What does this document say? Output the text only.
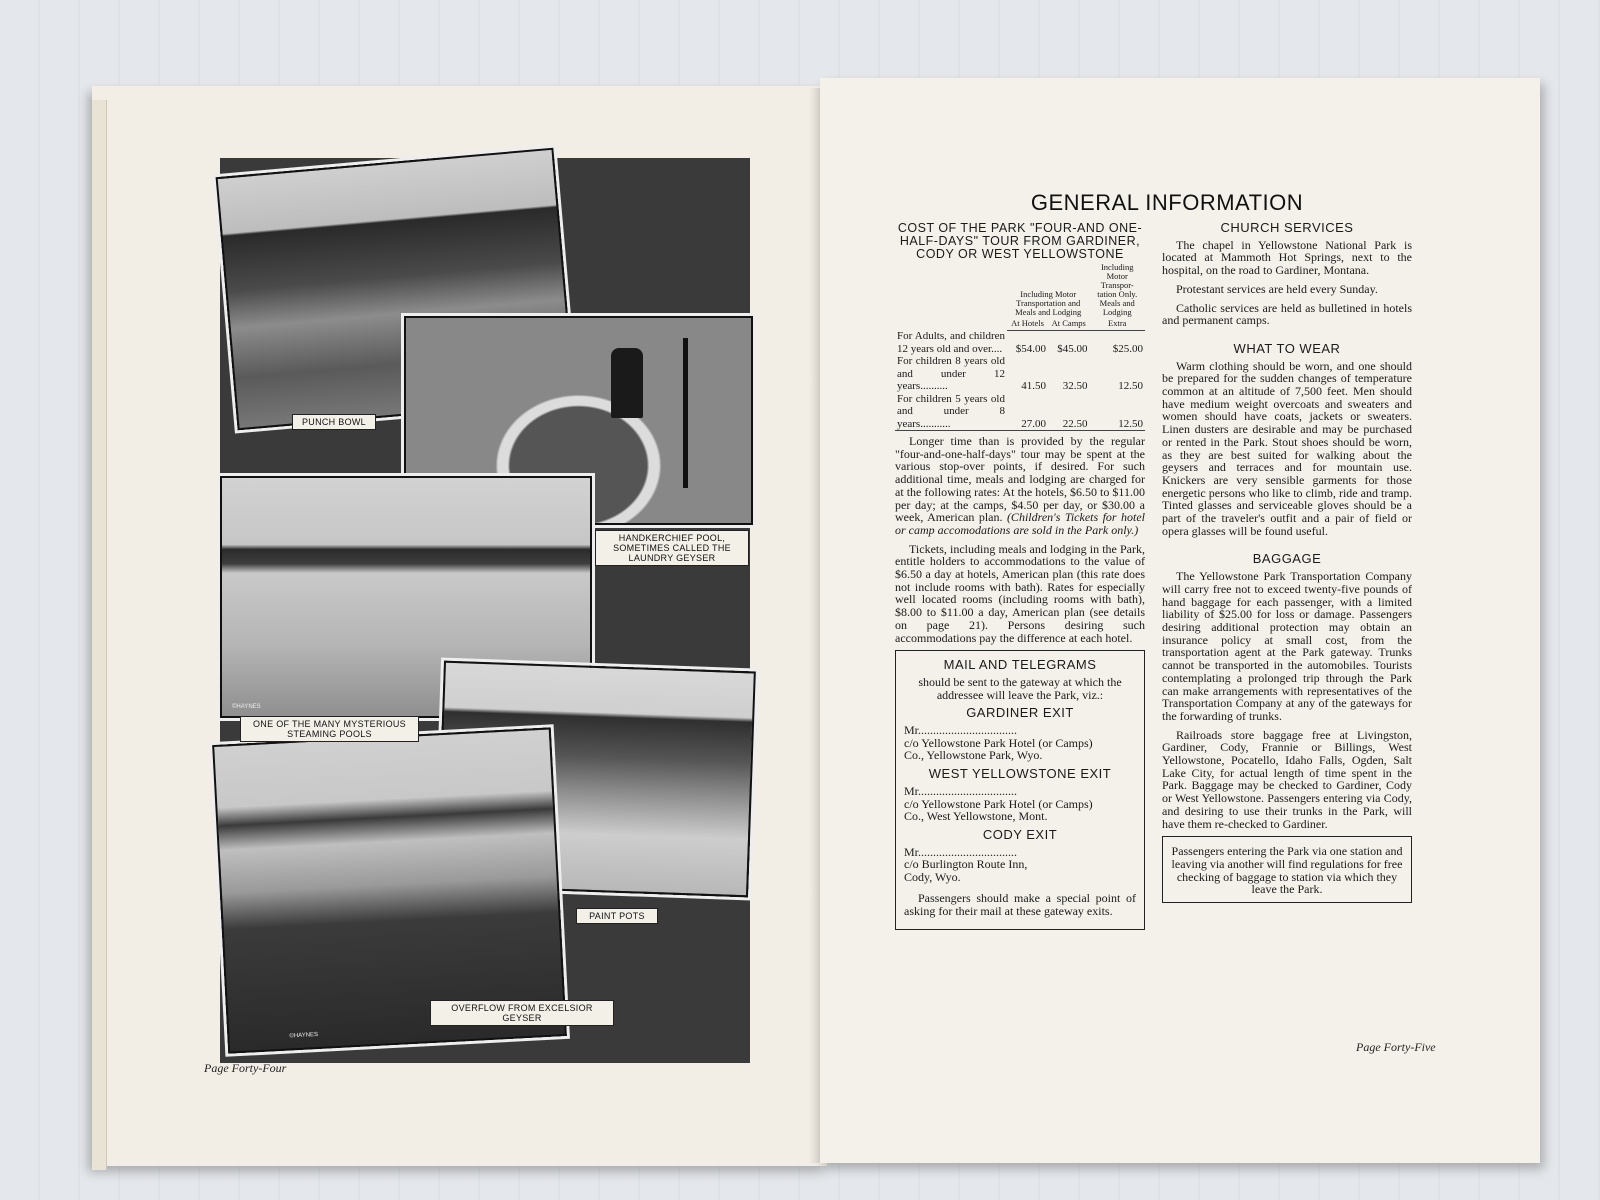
©HAYNES
©HAYNES
PUNCH BOWL
HANDKERCHIEF POOL, SOMETIMES CALLED THE LAUNDRY GEYSER
ONE OF THE MANY MYSTERIOUS STEAMING POOLS
PAINT POTS
OVERFLOW FROM EXCELSIOR GEYSER
Page Forty-Four
GENERAL INFORMATION
COST OF THE PARK "FOUR-AND ONE-HALF-DAYS" TOUR FROM GARDINER, CODY OR WEST YELLOWSTONE
	Including Motor Transportation and Meals and Lodging		Including Motor Transpor-tation Only. Meals and Lodging
	At Hotels	At Camps	Extra
For Adults, and children 12 years old and over....	$54.00	$45.00	$25.00
For children 8 years old and under 12 years..........	41.50	32.50	12.50
For children 5 years old and under 8 years...........	27.00	22.50	12.50

Longer time than is provided by the regular "four-and-one-half-days" tour may be spent at the various stop-over points, if desired. For such additional time, meals and lodging are charged for at the following rates: At the hotels, $6.50 to $11.00 per day; at the camps, $4.50 per day, or $30.00 a week, American plan. (Children's Tickets for hotel or camp accomodations are sold in the Park only.)

Tickets, including meals and lodging in the Park, entitle holders to accommodations to the value of $6.50 a day at hotels, American plan (this rate does not include rooms with bath). Rates for especially well located rooms (including rooms with bath), $8.00 to $11.00 a day, American plan (see details on page 21). Persons desiring such accommodations pay the difference at each hotel.

MAIL AND TELEGRAMS
should be sent to the gateway at which the addressee will leave the Park, viz.:
GARDINER EXIT
Mr.................................
c/o Yellowstone Park Hotel (or Camps)
Co., Yellowstone Park, Wyo.
WEST YELLOWSTONE EXIT
Mr.................................
c/o Yellowstone Park Hotel (or Camps)
Co., West Yellowstone, Mont.
CODY EXIT
Mr.................................
c/o Burlington Route Inn,
Cody, Wyo.

Passengers should make a special point of asking for their mail at these gateway exits.

CHURCH SERVICES

The chapel in Yellowstone National Park is located at Mammoth Hot Springs, next to the hospital, on the road to Gardiner, Montana.

Protestant services are held every Sunday.

Catholic services are held as bulletined in hotels and permanent camps.

WHAT TO WEAR

Warm clothing should be worn, and one should be prepared for the sudden changes of temperature common at an altitude of 7,500 feet. Men should have medium weight overcoats and sweaters and women should have coats, jackets or sweaters. Linen dusters are desirable and may be purchased or rented in the Park. Stout shoes should be worn, as they are best suited for walking about the geysers and terraces and for mountain use. Knickers are very sensible garments for those energetic persons who like to climb, ride and tramp. Tinted glasses and serviceable gloves should be a part of the traveler's outfit and a pair of field or opera glasses will be found useful.

BAGGAGE

The Yellowstone Park Transportation Company will carry free not to exceed twenty-five pounds of hand baggage for each passenger, with a limited liability of $25.00 for loss or damage. Passengers desiring additional protection may obtain an insurance policy at small cost, from the transportation agent at the Park gateway. Trunks cannot be transported in the automobiles. Tourists contemplating a prolonged trip through the Park can make arrangements with representatives of the Transportation Company at any of the gateways for the forwarding of trunks.

Railroads store baggage free at Livingston, Gardiner, Cody, Frannie or Billings, West Yellowstone, Pocatello, Idaho Falls, Ogden, Salt Lake City, for actual length of time spent in the Park. Baggage may be checked to Gardiner, Cody or West Yellowstone. Passengers entering via Cody, and desiring to use their trunks in the Park, will have them re-checked to Gardiner.

Passengers entering the Park via one station and leaving via another will find regulations for free checking of baggage to station via which they leave the Park.
Page Forty-Five
